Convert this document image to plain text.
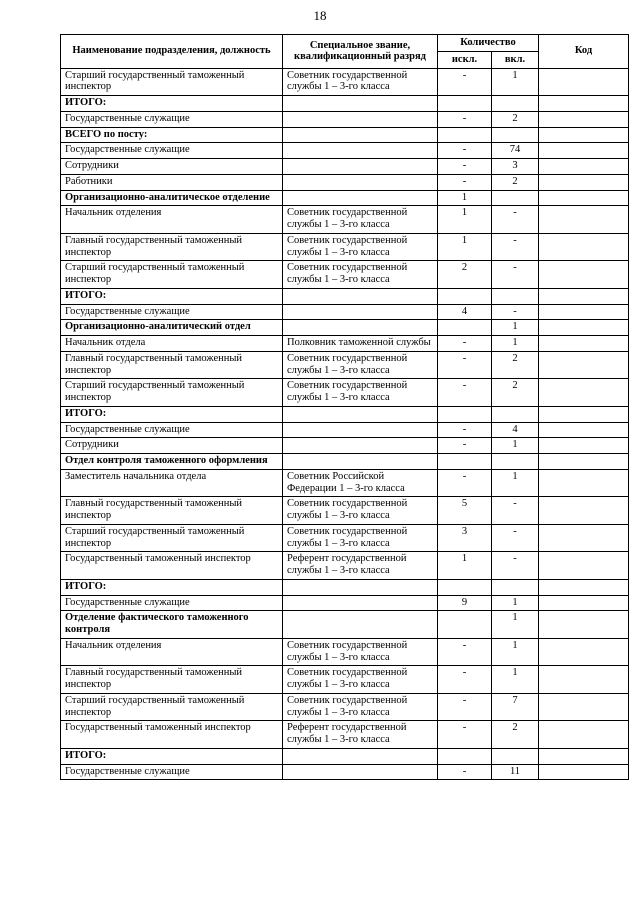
18
Наименование подразделения, должность	Специальное звание, квалификационный разряд	Количество		Код
		искл.	вкл.	
Старший государственный таможенный инспектор	Советник государственной службы 1 – 3-го класса	-	1	
ИТОГО:				
Государственные служащие		-	2	
ВСЕГО по посту:				
Государственные служащие		-	74	
Сотрудники		-	3	
Работники		-	2	
Организационно-аналитическое отделение		1		
Начальник отделения	Советник государственной службы 1 – 3-го класса	1	-	
Главный государственный таможенный инспектор	Советник государственной службы 1 – 3-го класса	1	-	
Старший государственный таможенный инспектор	Советник государственной службы 1 – 3-го класса	2	-	
ИТОГО:				
Государственные служащие		4	-	
Организационно-аналитический отдел			1	
Начальник отдела	Полковник таможенной службы	-	1	
Главный государственный таможенный инспектор	Советник государственной службы 1 – 3-го класса	-	2	
Старший государственный таможенный инспектор	Советник государственной службы 1 – 3-го класса	-	2	
ИТОГО:				
Государственные служащие		-	4	
Сотрудники		-	1	
Отдел контроля таможенного оформления				
Заместитель начальника отдела	Советник Российской Федерации 1 – 3-го класса	-	1	
Главный государственный таможенный инспектор	Советник государственной службы 1 – 3-го класса	5	-	
Старший государственный таможенный инспектор	Советник государственной службы 1 – 3-го класса	3	-	
Государственный таможенный инспектор	Референт государственной службы 1 – 3-го класса	1	-	
ИТОГО:				
Государственные служащие		9	1	
Отделение фактического таможенного контроля			1	
Начальник отделения	Советник государственной службы 1 – 3-го класса	-	1	
Главный государственный таможенный инспектор	Советник государственной службы 1 – 3-го класса	-	1	
Старший государственный таможенный инспектор	Советник государственной службы 1 – 3-го класса	-	7	
Государственный таможенный инспектор	Референт государственной службы 1 – 3-го класса	-	2	
ИТОГО:				
Государственные служащие		-	11	
